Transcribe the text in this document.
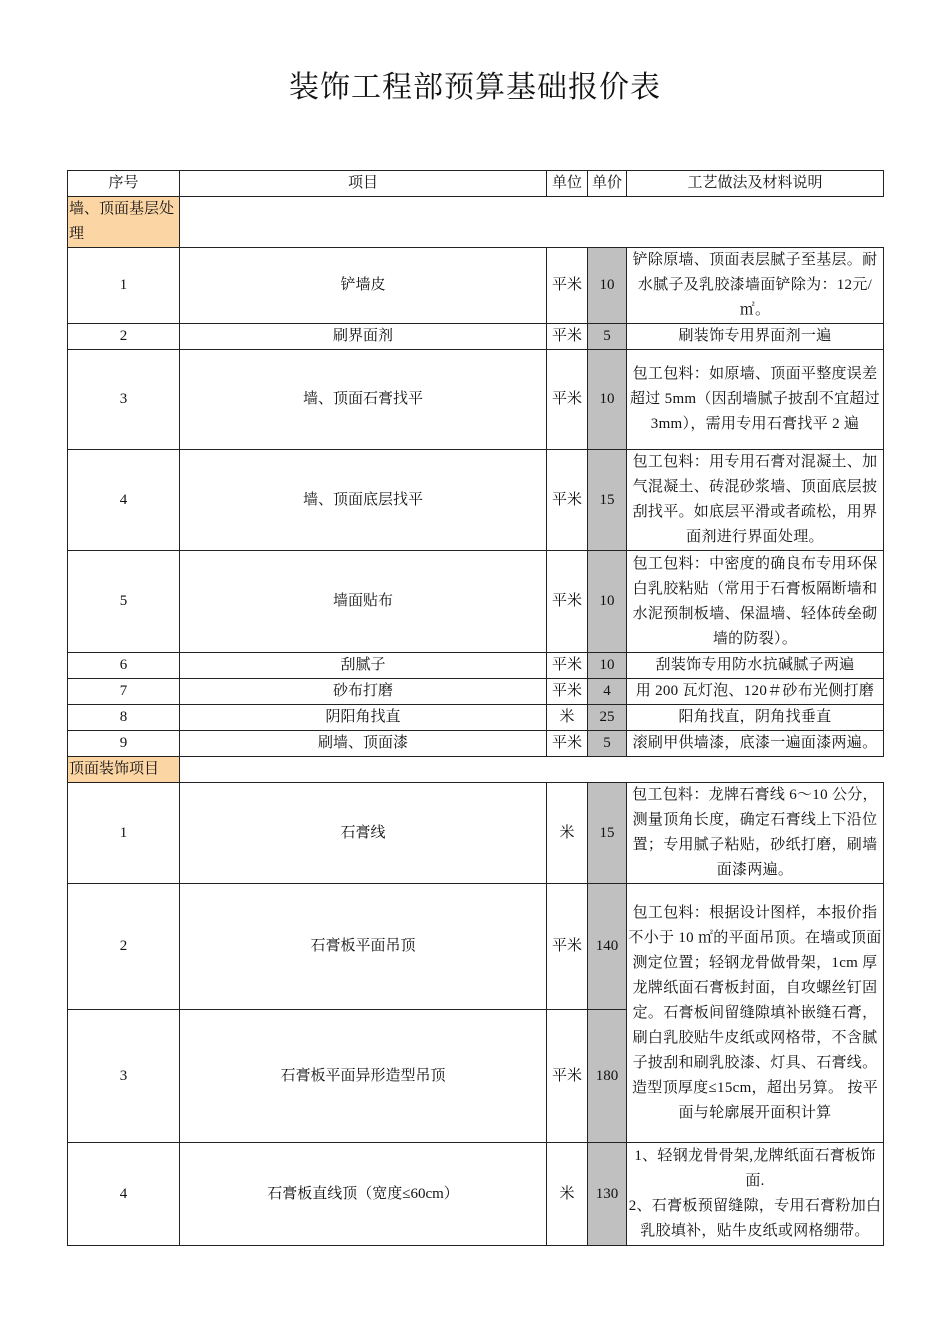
装饰工程部预算基础报价表
序号	项目	单位	单价	工艺做法及材料说明
墙、顶面基层处理				
1	铲墙皮	平米	10	铲除原墙、顶面表层腻子至基层。耐水腻子及乳胶漆墙面铲除为：12元/㎡。
2	刷界面剂	平米	5	刷装饰专用界面剂一遍
3	墙、顶面石膏找平	平米	10	包工包料：如原墙、顶面平整度误差超过 5mm（因刮墙腻子披刮不宜超过 3mm），需用专用石膏找平 2 遍
4	墙、顶面底层找平	平米	15	包工包料：用专用石膏对混凝土、加气混凝土、砖混砂浆墙、顶面底层披刮找平。如底层平滑或者疏松，用界面剂进行界面处理。
5	墙面贴布	平米	10	包工包料：中密度的确良布专用环保白乳胶粘贴（常用于石膏板隔断墙和水泥预制板墙、保温墙、轻体砖垒砌墙的防裂）。
6	刮腻子	平米	10	刮装饰专用防水抗碱腻子两遍
7	砂布打磨	平米	4	用 200 瓦灯泡、120＃砂布光侧打磨
8	阴阳角找直	米	25	阳角找直，阴角找垂直
9	刷墙、顶面漆	平米	5	滚刷甲供墙漆，底漆一遍面漆两遍。
顶面装饰项目				
1	石膏线	米	15	包工包料：龙牌石膏线 6～10 公分，测量顶角长度，确定石膏线上下沿位置；专用腻子粘贴，砂纸打磨，刷墙面漆两遍。
2	石膏板平面吊顶	平米	140	包工包料：根据设计图样，本报价指不小于 10 ㎡的平面吊顶。在墙或顶面测定位置；轻钢龙骨做骨架，1cm 厚龙牌纸面石膏板封面，自攻螺丝钉固定。石膏板间留缝隙填补嵌缝石膏，刷白乳胶贴牛皮纸或网格带，不含腻子披刮和刷乳胶漆、灯具、石膏线。造型顶厚度≤15cm，超出另算。 按平面与轮廓展开面积计算
3	石膏板平面异形造型吊顶	平米	180	
4	石膏板直线顶（宽度≤60cm）	米	130	1、轻钢龙骨骨架,龙牌纸面石膏板饰面.
2、石膏板预留缝隙，专用石膏粉加白乳胶填补，贴牛皮纸或网格绷带。
